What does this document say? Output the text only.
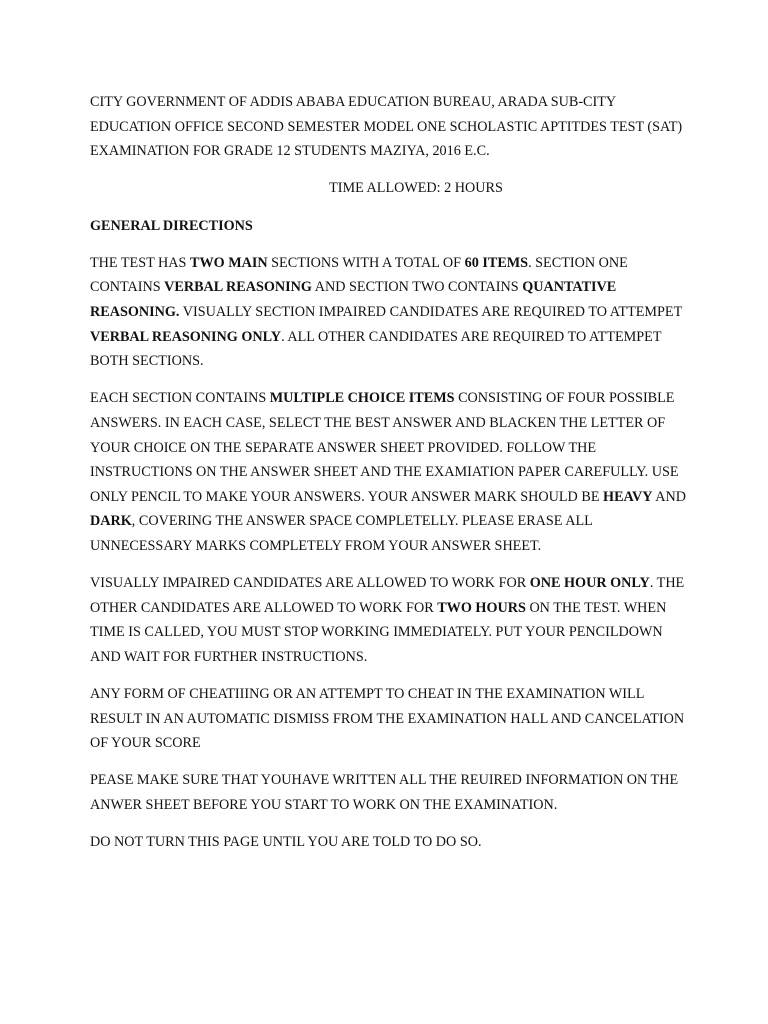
CITY GOVERNMENT OF ADDIS ABABA EDUCATION BUREAU, ARADA SUB-CITY
EDUCATION OFFICE SECOND SEMESTER MODEL ONE SCHOLASTIC APTITDES TEST (SAT)
EXAMINATION FOR GRADE 12 STUDENTS MAZIYA, 2016 E.C.

TIME ALLOWED: 2 HOURS

GENERAL DIRECTIONS

THE TEST HAS TWO MAIN SECTIONS WITH A TOTAL OF 60 ITEMS. SECTION ONE CONTAINS VERBAL REASONING AND SECTION TWO CONTAINS QUANTATIVE REASONING. VISUALLY SECTION IMPAIRED CANDIDATES ARE REQUIRED TO ATTEMPET VERBAL REASONING ONLY. ALL OTHER CANDIDATES ARE REQUIRED TO ATTEMPET BOTH SECTIONS.

EACH SECTION CONTAINS MULTIPLE CHOICE ITEMS CONSISTING OF FOUR POSSIBLE ANSWERS. IN EACH CASE, SELECT THE BEST ANSWER AND BLACKEN THE LETTER OF YOUR CHOICE ON THE SEPARATE ANSWER SHEET PROVIDED. FOLLOW THE INSTRUCTIONS ON THE ANSWER SHEET AND THE EXAMIATION PAPER CAREFULLY. USE ONLY PENCIL TO MAKE YOUR ANSWERS. YOUR ANSWER MARK SHOULD BE HEAVY AND DARK, COVERING THE ANSWER SPACE COMPLETELLY. PLEASE ERASE ALL UNNECESSARY MARKS COMPLETELY FROM YOUR ANSWER SHEET.

VISUALLY IMPAIRED CANDIDATES ARE ALLOWED TO WORK FOR ONE HOUR ONLY. THE OTHER CANDIDATES ARE ALLOWED TO WORK FOR TWO HOURS ON THE TEST. WHEN TIME IS CALLED, YOU MUST STOP WORKING IMMEDIATELY. PUT YOUR PENCILDOWN AND WAIT FOR FURTHER INSTRUCTIONS.

ANY FORM OF CHEATIIING OR AN ATTEMPT TO CHEAT IN THE EXAMINATION WILL RESULT IN AN AUTOMATIC DISMISS FROM THE EXAMINATION HALL AND CANCELATION OF YOUR SCORE

PEASE MAKE SURE THAT YOUHAVE WRITTEN ALL THE REUIRED INFORMATION ON THE ANWER SHEET BEFORE YOU START TO WORK ON THE EXAMINATION.

DO NOT TURN THIS PAGE UNTIL YOU ARE TOLD TO DO SO.
